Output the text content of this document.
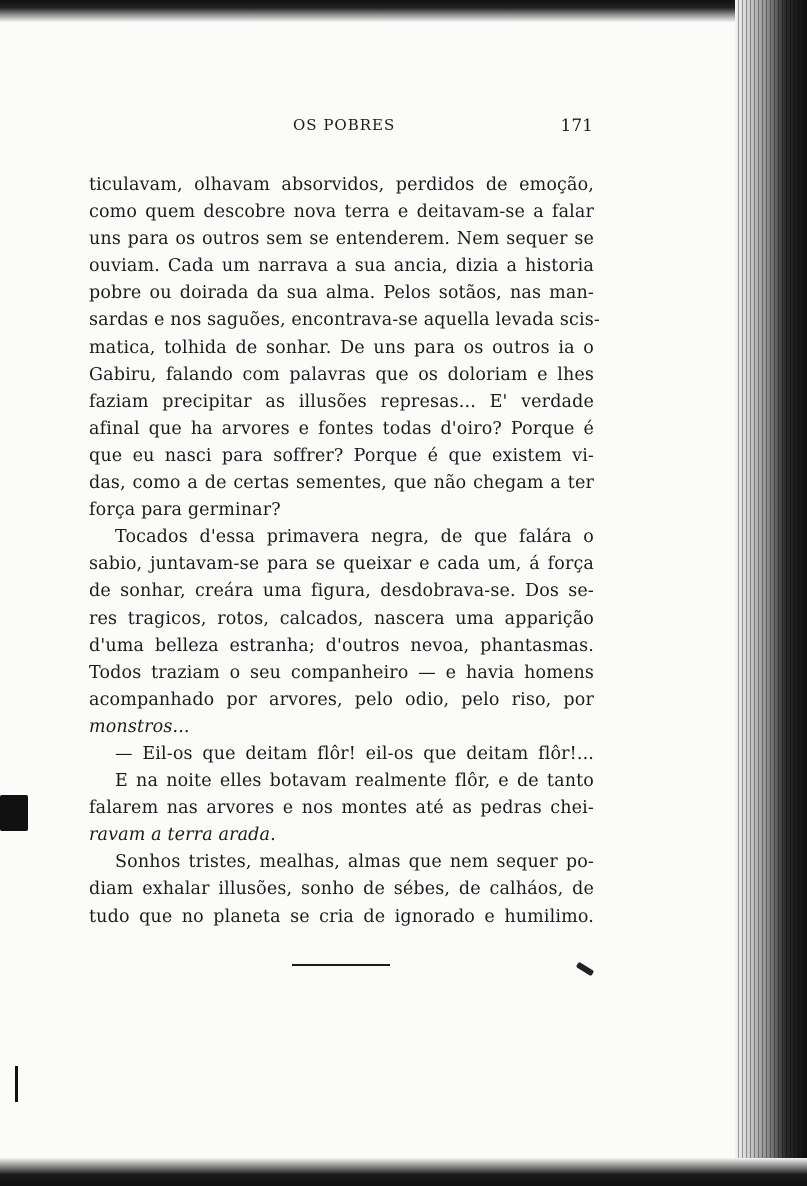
OS POBRES	171
ticulavam, olhavam absorvidos, perdidos de emoção,
como quem descobre nova terra e deitavam-se a falar
uns para os outros sem se entenderem. Nem sequer se
ouviam. Cada um narrava a sua ancia, dizia a historia
pobre ou doirada da sua alma. Pelos sotãos, nas man-
sardas e nos saguões, encontrava-se aquella levada scis-
matica, tolhida de sonhar. De uns para os outros ia o
Gabiru, falando com palavras que os doloriam e lhes
faziam precipitar as illusões represas... E' verdade
afinal que ha arvores e fontes todas d'oiro? Porque é
que eu nasci para soffrer? Porque é que existem vi-
das, como a de certas sementes, que não chegam a ter
força para germinar?
Tocados d'essa primavera negra, de que falára o
sabio, juntavam-se para se queixar e cada um, á força
de sonhar, creára uma figura, desdobrava-se. Dos se-
res tragicos, rotos, calcados, nascera uma apparição
d'uma belleza estranha; d'outros nevoa, phantasmas.
Todos traziam o seu companheiro — e havia homens
acompanhado por arvores, pelo odio, pelo riso, por
monstros...
— Eil-os que deitam flôr! eil-os que deitam flôr!...
E na noite elles botavam realmente flôr, e de tanto
falarem nas arvores e nos montes até as pedras chei-
ravam a terra arada.
Sonhos tristes, mealhas, almas que nem sequer po-
diam exhalar illusões, sonho de sébes, de calháos, de
tudo que no planeta se cria de ignorado e humilimo.
